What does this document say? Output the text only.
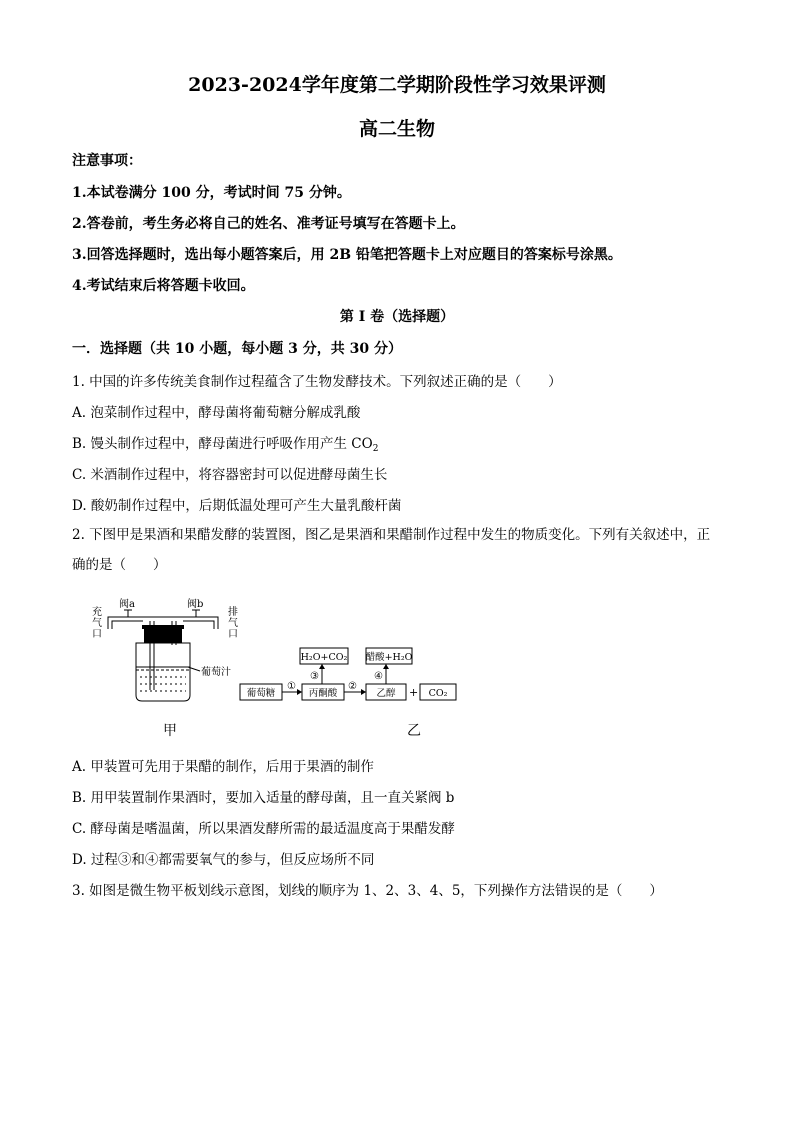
2023-2024学年度第二学期阶段性学习效果评测
高二生物
注意事项：
1.本试卷满分 100 分，考试时间 75 分钟。
2.答卷前，考生务必将自己的姓名、准考证号填写在答题卡上。
3.回答选择题时，选出每小题答案后，用 2B 铅笔把答题卡上对应题目的答案标号涂黑。
4.考试结束后将答题卡收回。
第 I 卷（选择题）
一．选择题（共 10 小题，每小题 3 分，共 30 分）
1. 中国的许多传统美食制作过程蕴含了生物发酵技术。下列叙述正确的是（　　）
A. 泡菜制作过程中，酵母菌将葡萄糖分解成乳酸
B. 馒头制作过程中，酵母菌进行呼吸作用产生 $CO_2$
C. 米酒制作过程中，将容器密封可以促进酵母菌生长
D. 酸奶制作过程中，后期低温处理可产生大量乳酸杆菌
2. 下图甲是果酒和果醋发酵的装置图，图乙是果酒和果醋制作过程中发生的物质变化。下列有关叙述中，正确的是（　　）
阀a	阀b
充
气
口
排
气
口
葡萄汁
H₂O+CO₂ 醋酸+H₂O
葡萄糖	丙酮酸	乙醇	CO₂
①	②
③	④
+
甲	乙
A. 甲装置可先用于果醋的制作，后用于果酒的制作
B. 用甲装置制作果酒时，要加入适量的酵母菌，且一直关紧阀 b
C. 酵母菌是嗜温菌，所以果酒发酵所需的最适温度高于果醋发酵
D. 过程③和④都需要氧气的参与，但反应场所不同
3. 如图是微生物平板划线示意图，划线的顺序为 1、2、3、4、5，下列操作方法错误的是（　　）
